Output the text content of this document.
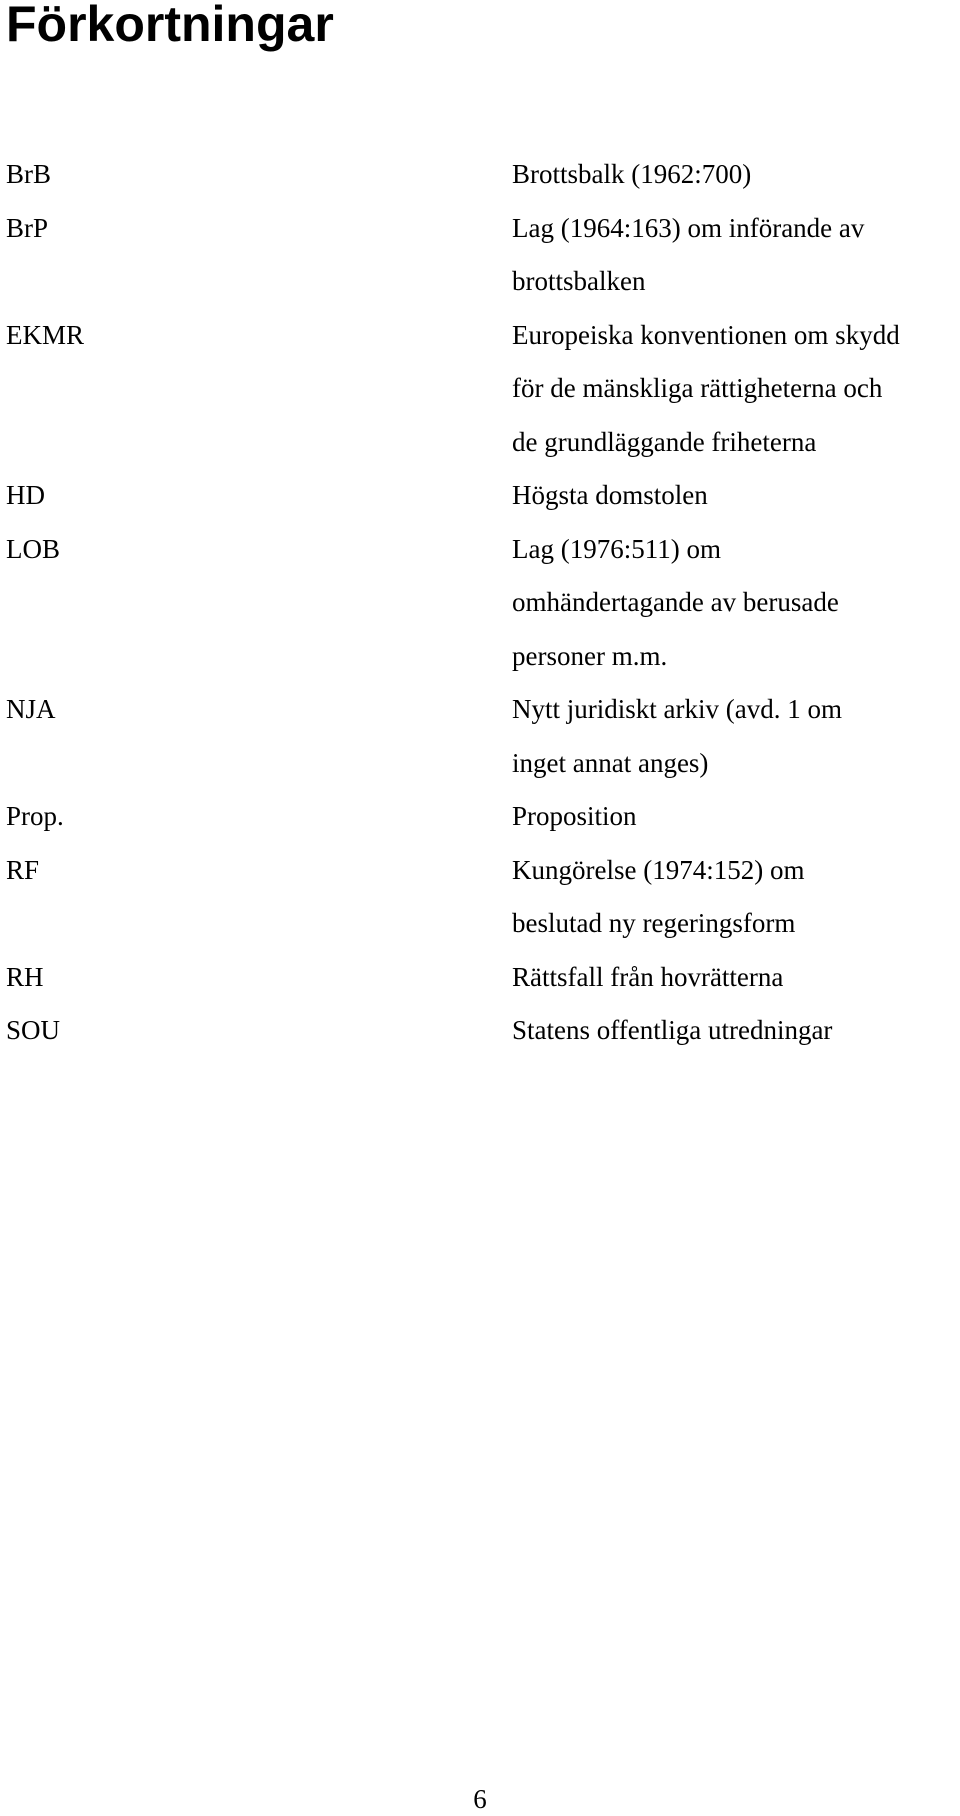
Förkortningar
BrB	Brottsbalk (1962:700)
BrP	Lag (1964:163) om införande av
brottsbalken
EKMR	Europeiska konventionen om skydd
för de mänskliga rättigheterna och
de grundläggande friheterna
HD	Högsta domstolen
LOB	Lag (1976:511) om
omhändertagande av berusade
personer m.m.
NJA	Nytt juridiskt arkiv (avd. 1 om
inget annat anges)
Prop.	Proposition
RF	Kungörelse (1974:152) om
beslutad ny regeringsform
RH	Rättsfall från hovrätterna
SOU	Statens offentliga utredningar
6
